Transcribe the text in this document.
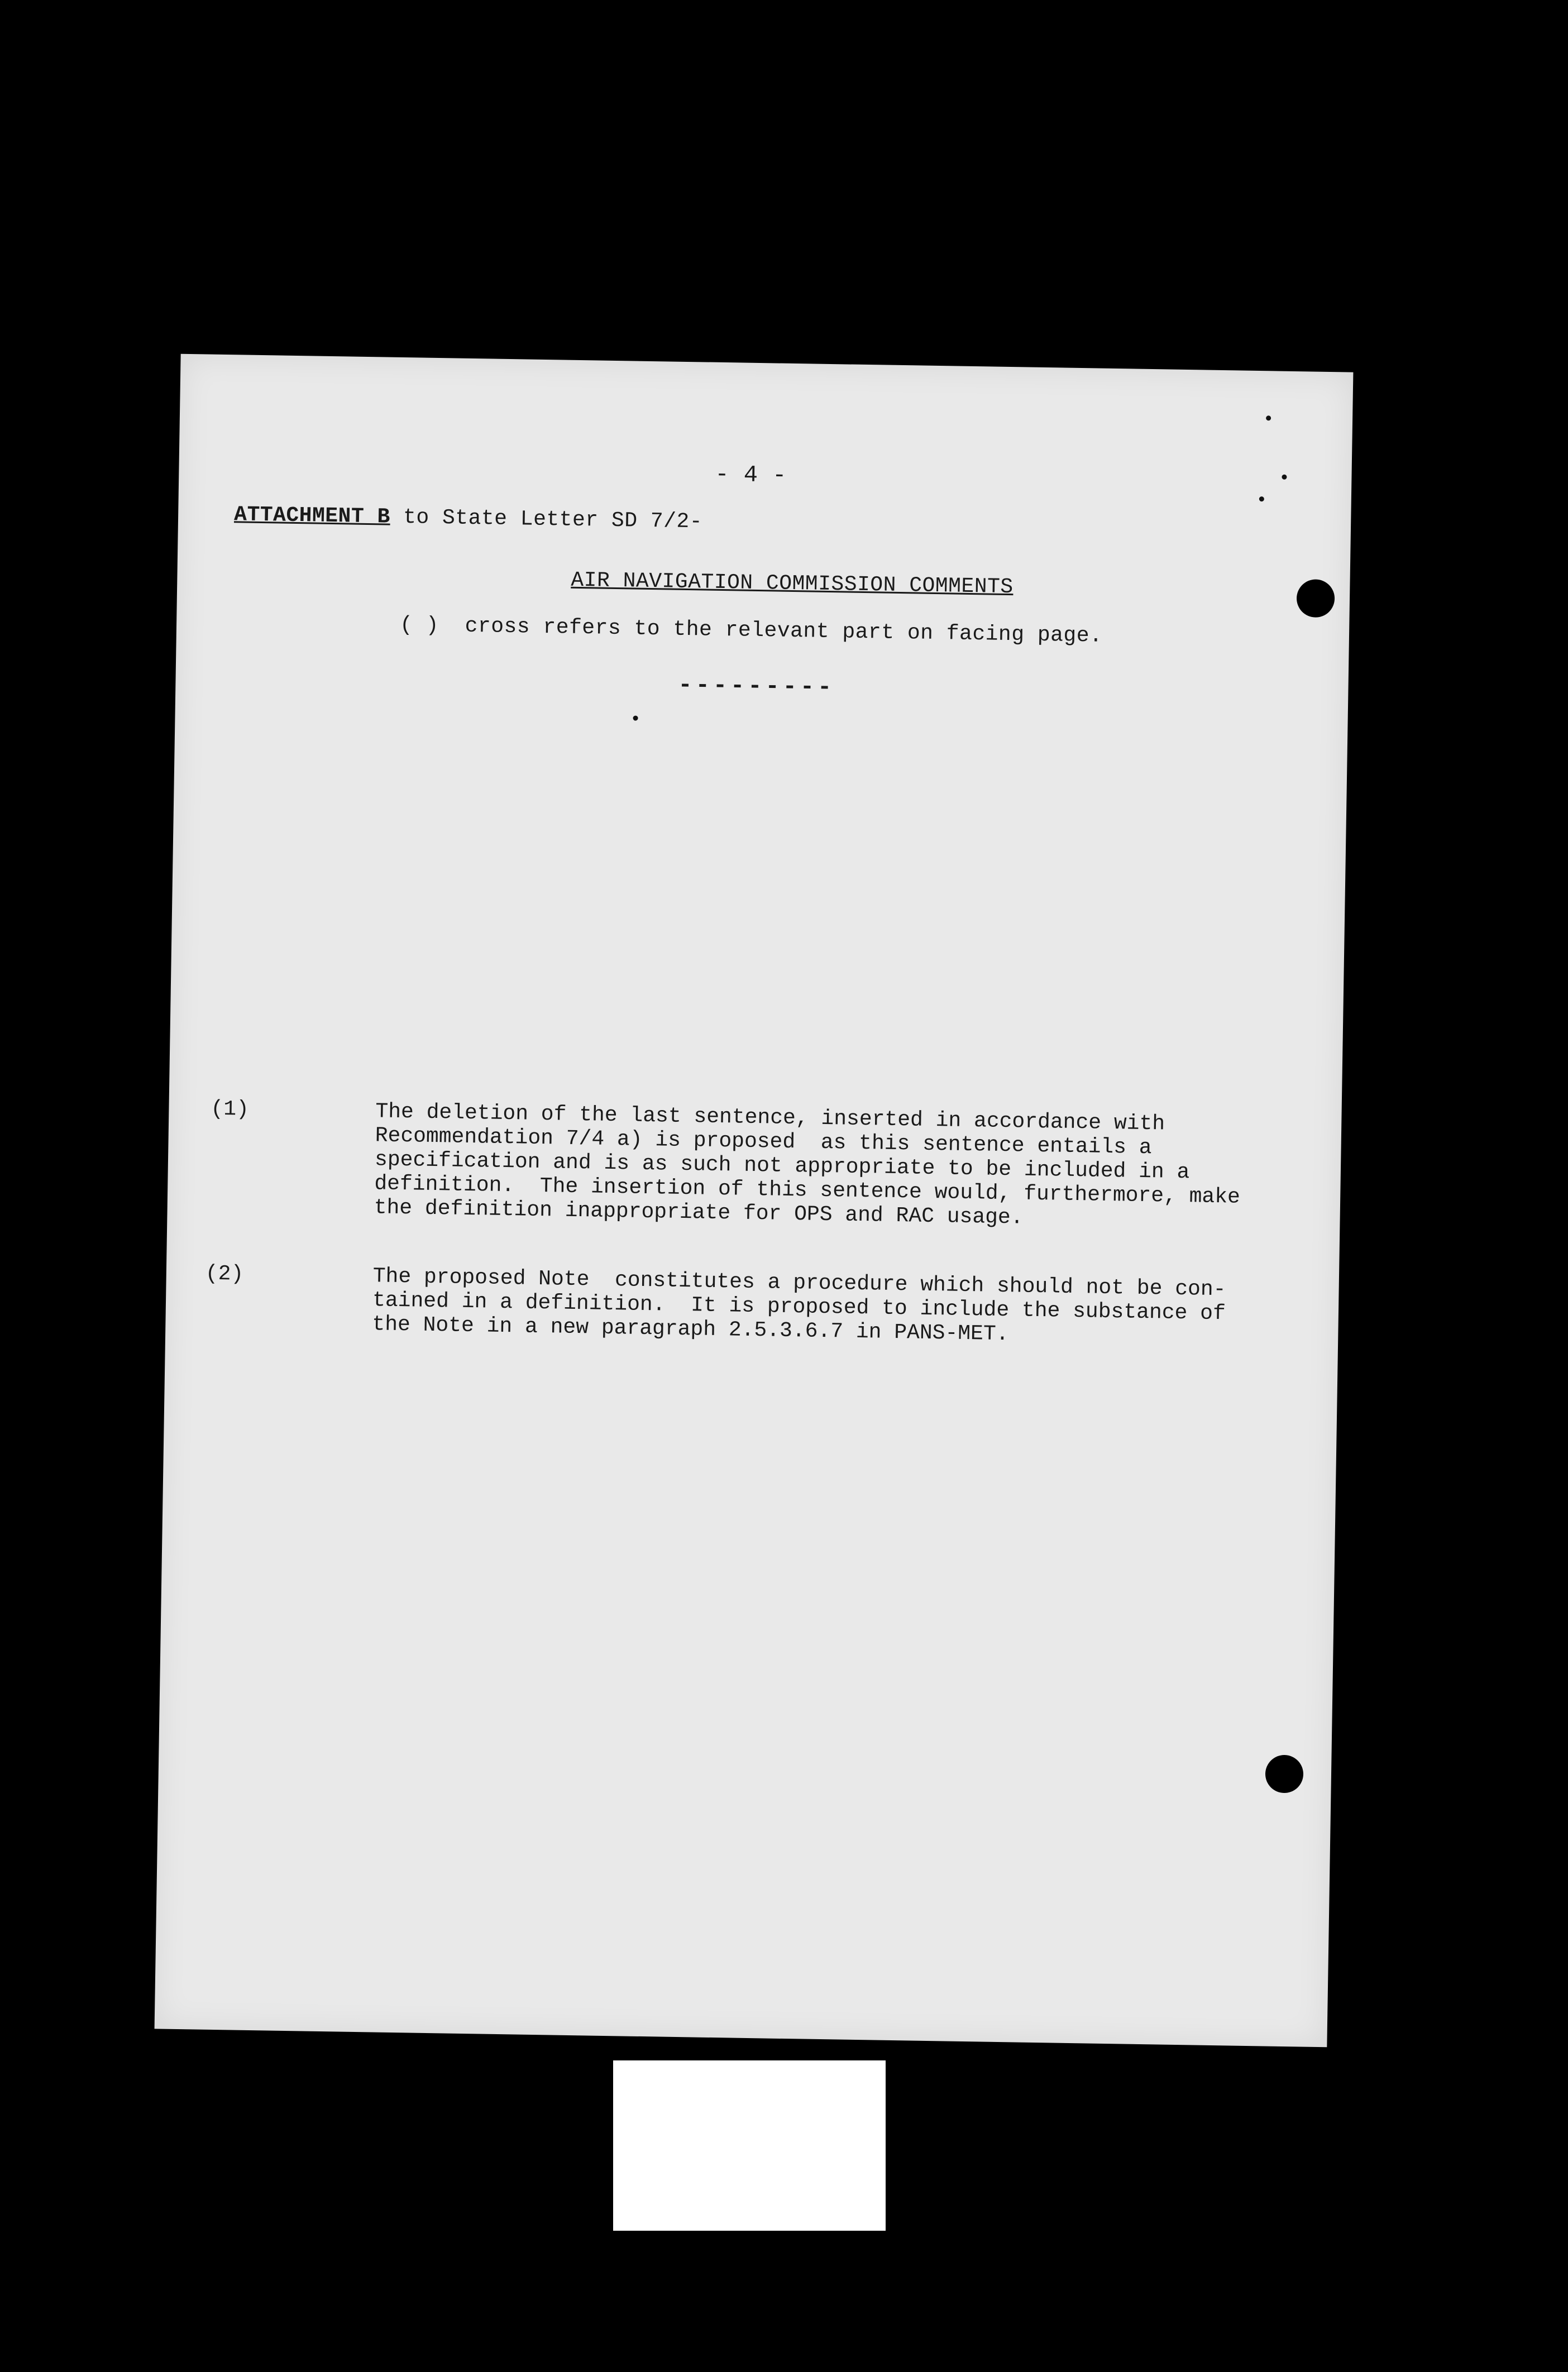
- 4 -
ATTACHMENT B to State Letter SD 7/2-
AIR NAVIGATION COMMISSION COMMENTS
( )  cross refers to the relevant part on facing page.
---------
(1)	The deletion of the last sentence, inserted in accordance with
Recommendation 7/4 a) is proposed  as this sentence entails a
specification and is as such not appropriate to be included in a
definition.  The insertion of this sentence would, furthermore, make
the definition inappropriate for OPS and RAC usage.
(2)	The proposed Note  constitutes a procedure which should not be con-
tained in a definition.  It is proposed to include the substance of
the Note in a new paragraph 2.5.3.6.7 in PANS-MET.
